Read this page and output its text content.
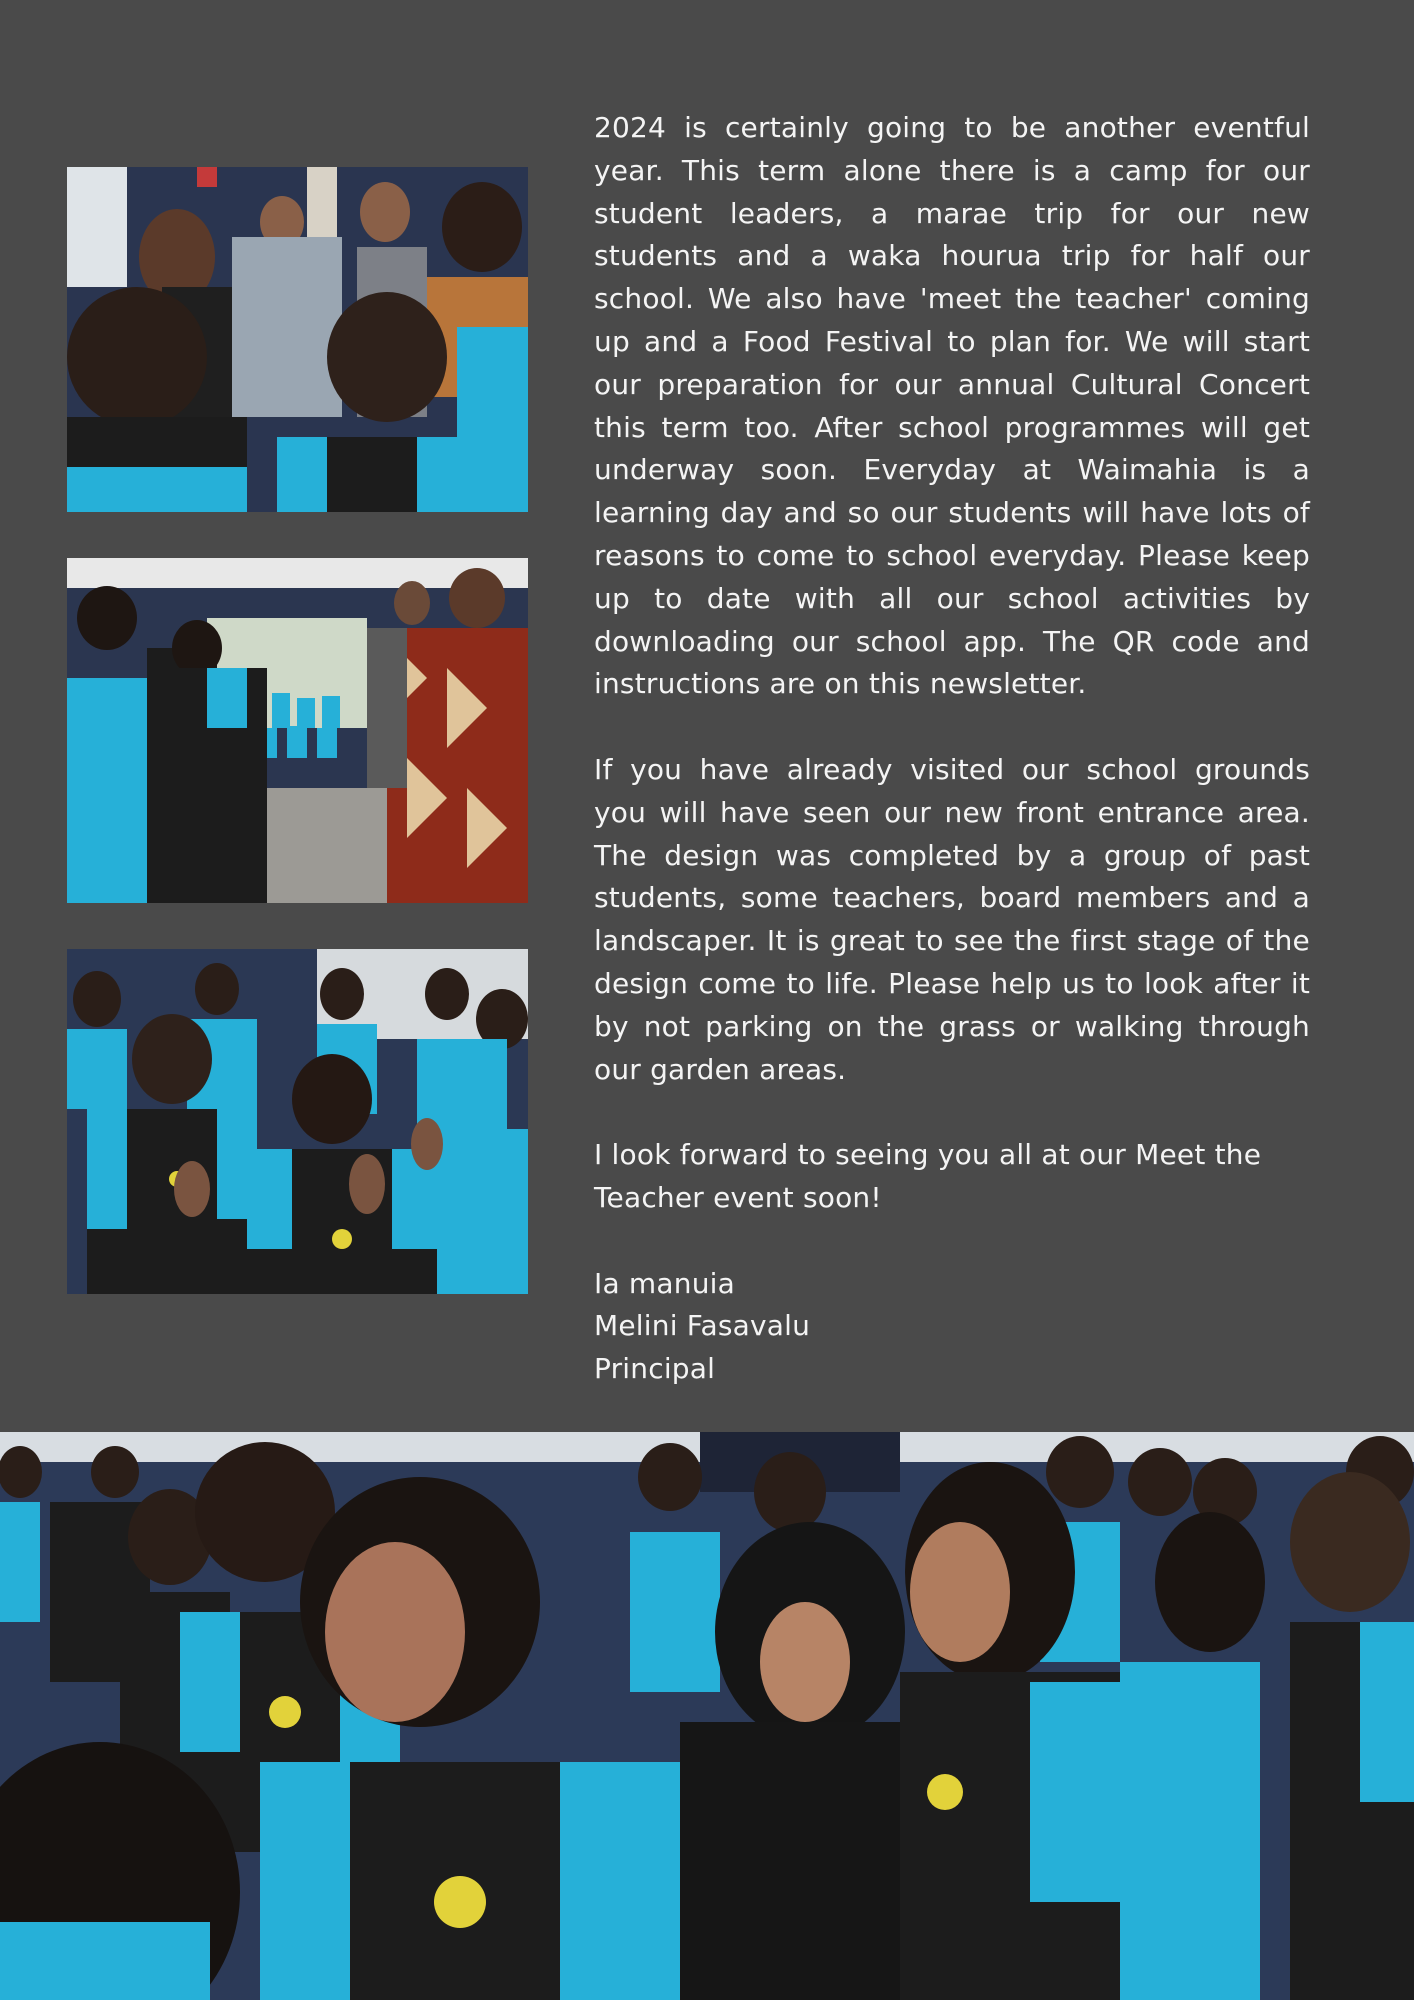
2024 is certainly going to be another eventful year. This term alone there is a camp for our student leaders, a marae trip for our new students and a waka hourua trip for half our school. We also have 'meet the teacher' coming up and a Food Festival to plan for. We will start our preparation for our annual Cultural Concert this term too. After school programmes will get underway soon. Everyday at Waimahia is a learning day and so our students will have lots of reasons to come to school everyday. Please keep up to date with all our school activities by downloading our school app. The QR code and instructions are on this newsletter.

If you have already visited our school grounds you will have seen our new front entrance area. The design was completed by a group of past students, some teachers, board members and a landscaper. It is great to see the first stage of the design come to life. Please help us to look after it by not parking on the grass or walking through our garden areas.

I look forward to seeing you all at our Meet the Teacher event soon!

Ia manuia
Melini Fasavalu
Principal
